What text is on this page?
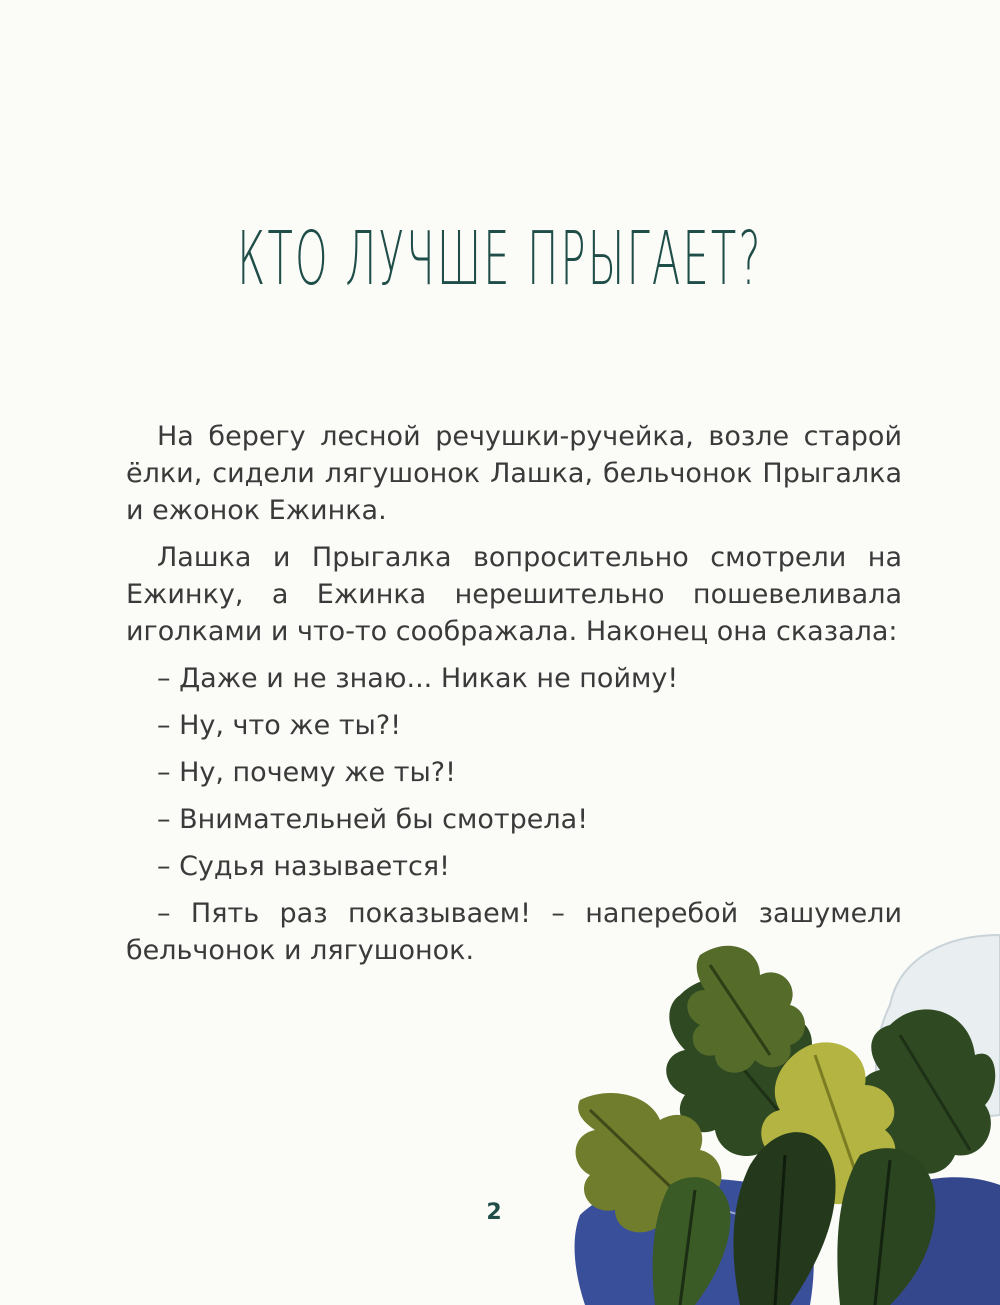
КТО ЛУЧШЕ ПРЫГАЕТ?

На берегу лесной речушки-ручейка, возле старой ёлки, сидели лягушонок Лашка, бельчонок Прыгалка и ежонок Ежинка.

Лашка и Прыгалка вопросительно смотрели на Ежинку, а Ежинка нерешительно пошевеливала иголками и что-то соображала. Наконец она сказала:

– Даже и не знаю... Никак не пойму!

– Ну, что же ты?!

– Ну, почему же ты?!

– Внимательней бы смотрела!

– Судья называется!

– Пять раз показываем! – наперебой зашумели бельчонок и лягушонок.

2
